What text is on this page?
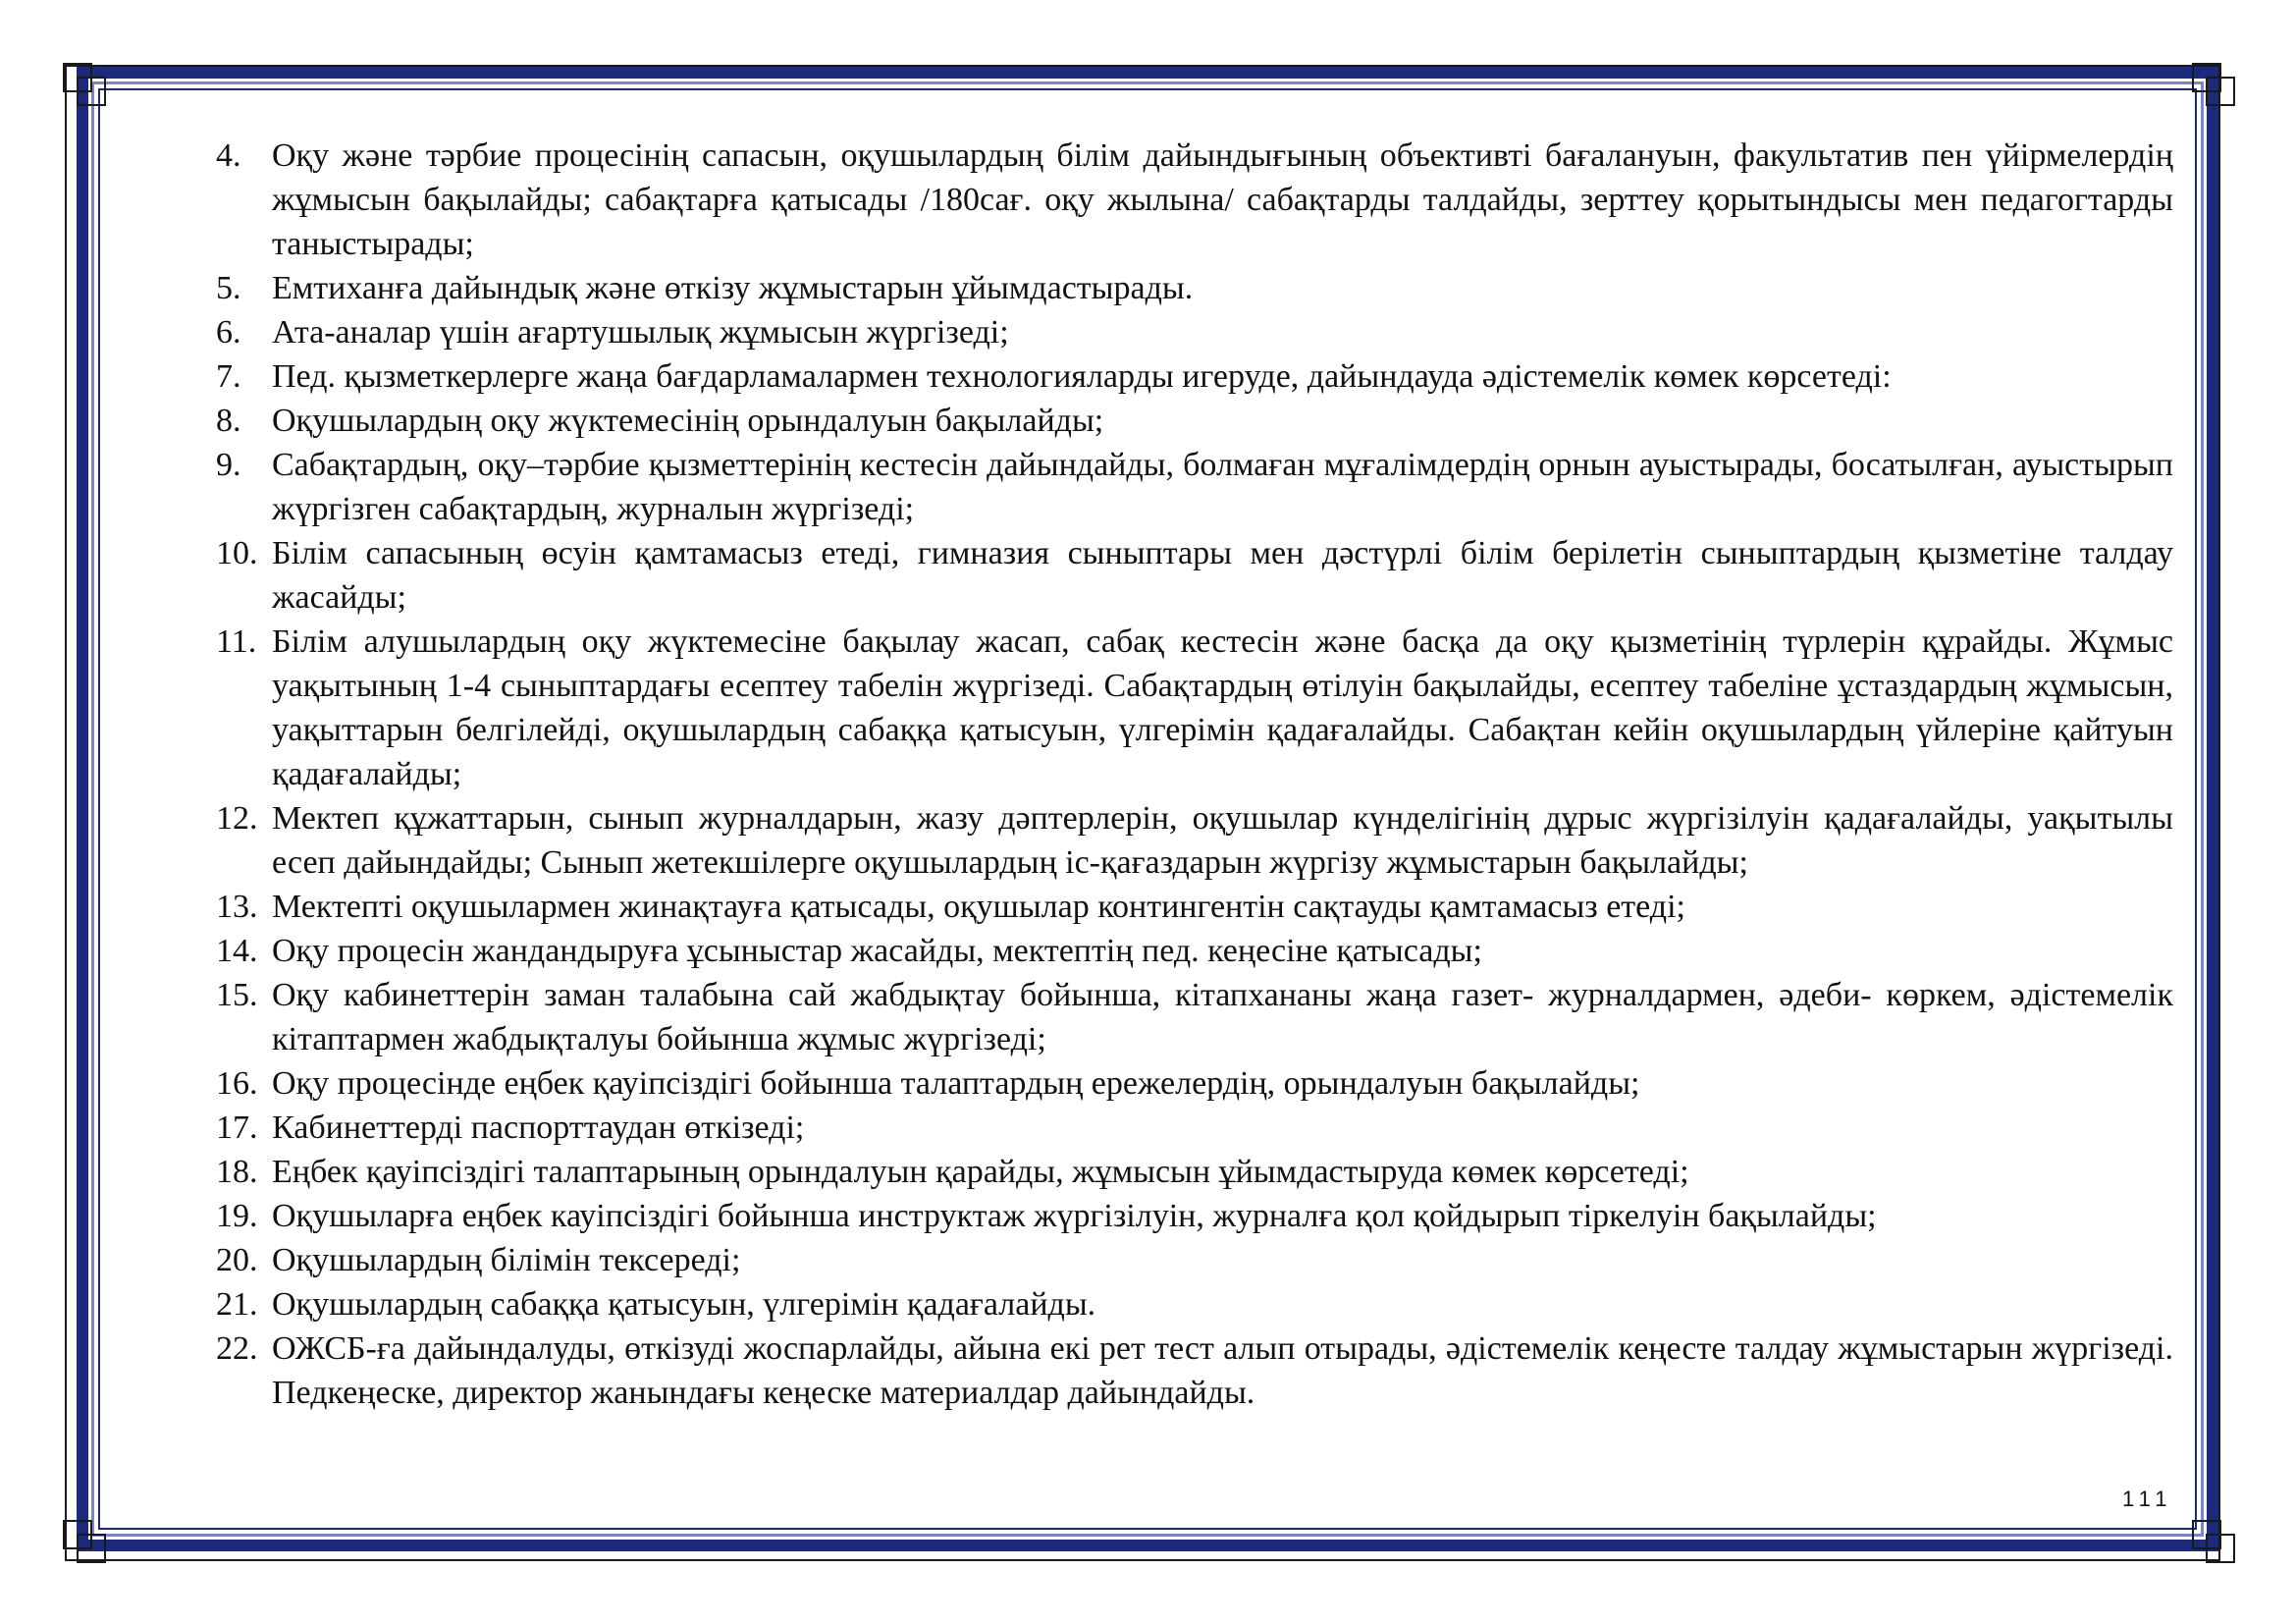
4. Оқу және тәрбие процесінің сапасын, оқушылардың білім дайындығының объективті бағалануын, факультатив пен үйірмелердің жұмысын бақылайды; сабақтарға қатысады /180сағ. оқу жылына/ сабақтарды талдайды, зерттеу қорытындысы мен педагогтарды таныстырады;
5. Емтиханға дайындық және өткізу жұмыстарын ұйымдастырады.
6. Ата-аналар үшін ағартушылық жұмысын жүргізеді;
7. Пед. қызметкерлерге жаңа бағдарламалармен технологияларды игеруде, дайындауда әдістемелік көмек көрсетеді:
8. Оқушылардың оқу жүктемесінің орындалуын бақылайды;
9. Сабақтардың, оқу–тәрбие қызметтерінің кестесін дайындайды, болмаған мұғалімдердің орнын ауыстырады, босатылған, ауыстырып жүргізген сабақтардың, журналын жүргізеді;
10. Білім сапасының өсуін қамтамасыз етеді, гимназия сыныптары мен дәстүрлі білім берілетін сыныптардың қызметіне талдау жасайды;
11. Білім алушылардың оқу жүктемесіне бақылау жасап, сабақ кестесін және басқа да оқу қызметінің түрлерін құрайды. Жұмыс уақытының 1-4 сыныптардағы есептеу табелін жүргізеді. Сабақтардың өтілуін бақылайды, есептеу табеліне ұстаздардың жұмысын, уақыттарын белгілейді, оқушылардың сабаққа қатысуын, үлгерімін қадағалайды. Сабақтан кейін оқушылардың үйлеріне қайтуын қадағалайды;
12. Мектеп құжаттарын, сынып журналдарын, жазу дәптерлерін, оқушылар күнделігінің дұрыс жүргізілуін қадағалайды, уақытылы есеп дайындайды; Сынып жетекшілерге оқушылардың іс-қағаздарын жүргізу жұмыстарын бақылайды;
13. Мектепті оқушылармен жинақтауға қатысады, оқушылар контингентін сақтауды қамтамасыз етеді;
14. Оқу процесін жандандыруға ұсыныстар жасайды, мектептің пед. кеңесіне қатысады;
15. Оқу кабинеттерін заман талабына сай жабдықтау бойынша, кітапхананы жаңа газет- журналдармен, әдеби- көркем, әдістемелік кітаптармен жабдықталуы бойынша жұмыс жүргізеді;
16. Оқу процесінде еңбек қауіпсіздігі бойынша талаптардың ережелердің, орындалуын бақылайды;
17. Кабинеттерді паспорттаудан өткізеді;
18. Еңбек қауіпсіздігі талаптарының орындалуын қарайды, жұмысын ұйымдастыруда көмек көрсетеді;
19. Оқушыларға еңбек кауіпсіздігі бойынша инструктаж жүргізілуін, журналға қол қойдырып тіркелуін бақылайды;
20. Оқушылардың білімін тексереді;
21. Оқушылардың сабаққа қатысуын, үлгерімін қадағалайды.
22. ОЖСБ-ға дайындалуды, өткізуді жоспарлайды, айына екі рет тест алып отырады, әдістемелік кеңесте талдау жұмыстарын жүргізеді. Педкеңеске, директор жанындағы кеңеске материалдар дайындайды.
111
